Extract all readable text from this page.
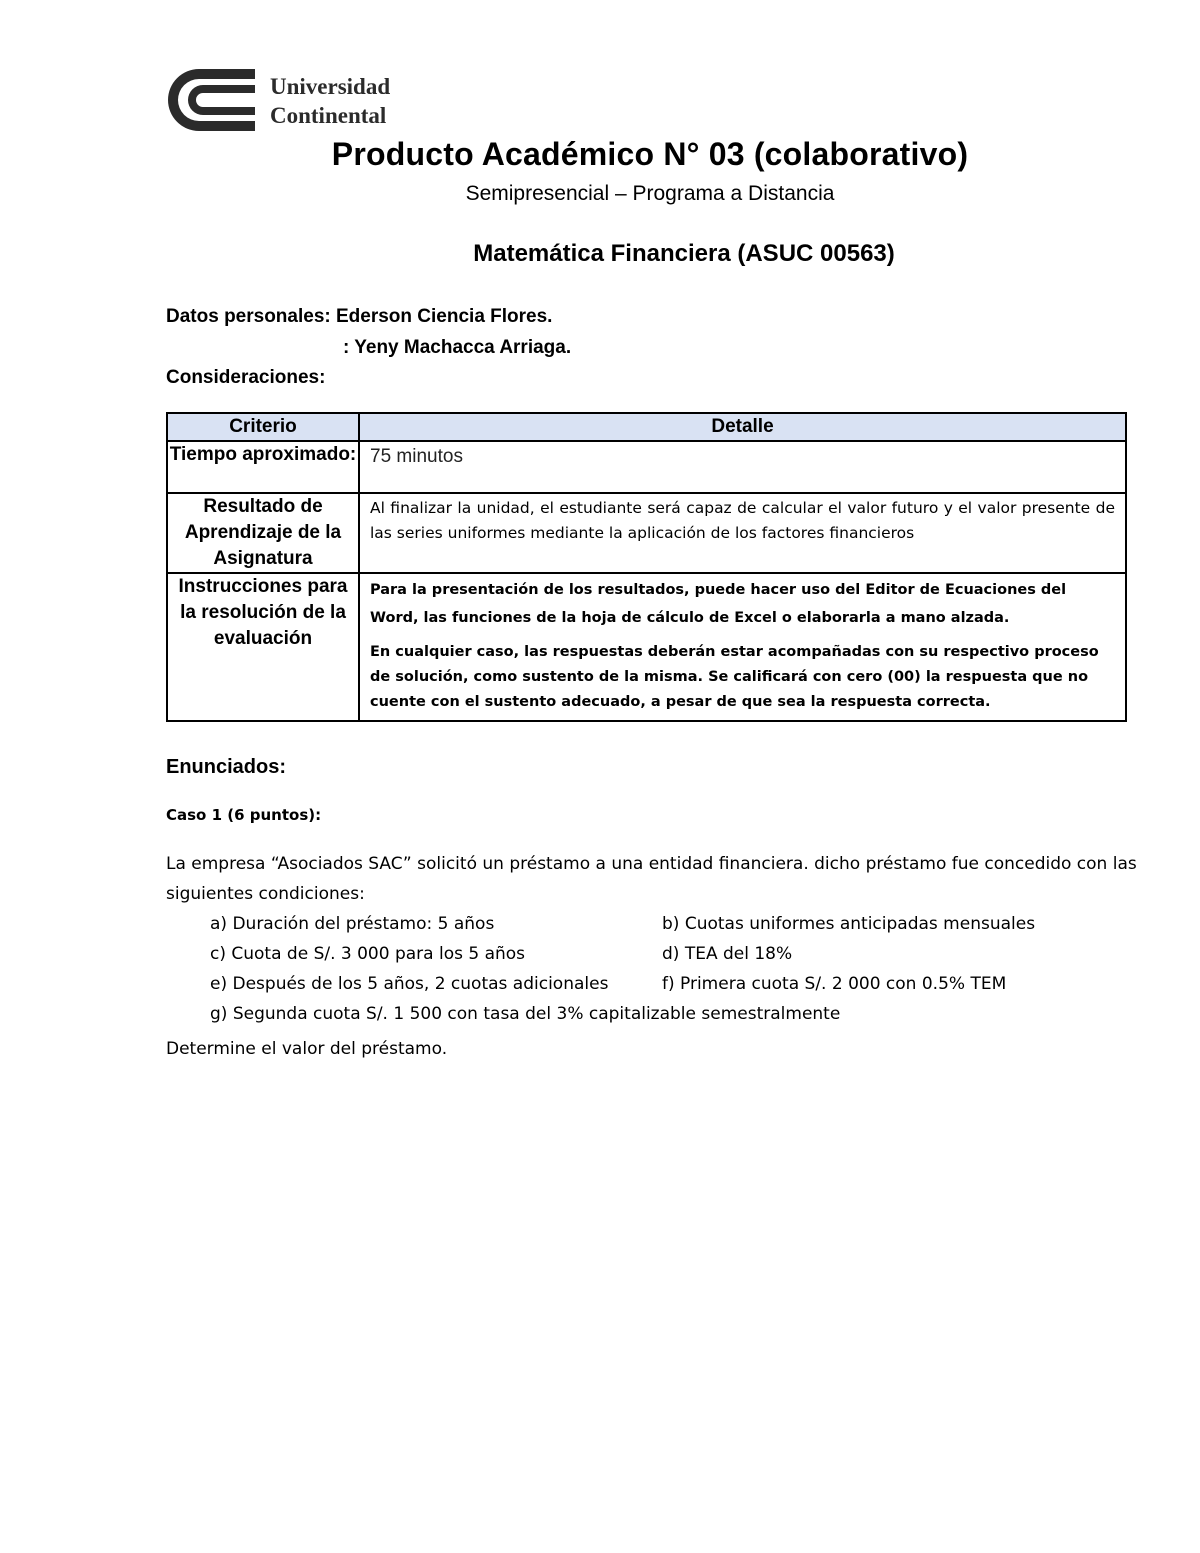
Universidad
Continental
Producto Académico N° 03 (colaborativo)
Semipresencial – Programa a Distancia
Matemática Financiera (ASUC 00563)
Datos personales: Ederson Ciencia Flores.
: Yeny Machacca Arriaga.
Consideraciones:
Criterio	Detalle
Tiempo aproximado:	75 minutos
Resultado de Aprendizaje de la Asignatura	Al finalizar la unidad, el estudiante será capaz de calcular el valor futuro y el valor presente de las series uniformes mediante la aplicación de los factores financieros

Instrucciones para la resolución de la evaluación	Para la presentación de los resultados, puede hacer uso del Editor de Ecuaciones del Word, las funciones de la hoja de cálculo de Excel o elaborarla a mano alzada.
En cualquier caso, las respuestas deberán estar acompañadas con su respectivo proceso de solución, como sustento de la misma. Se calificará con cero (00) la respuesta que no cuente con el sustento adecuado, a pesar de que sea la respuesta correcta.
Enunciados:
Caso 1 (6 puntos):
La empresa “Asociados SAC” solicitó un préstamo a una entidad financiera. dicho préstamo fue concedido con las siguientes condiciones:
a) Duración del préstamo: 5 años	b) Cuotas uniformes anticipadas mensuales
c) Cuota de S/. 3 000 para los 5 años	d) TEA del 18%
e) Después de los 5 años, 2 cuotas adicionales	f) Primera cuota S/. 2 000 con 0.5% TEM
g) Segunda cuota S/. 1 500 con tasa del 3% capitalizable semestralmente
Determine el valor del préstamo.
